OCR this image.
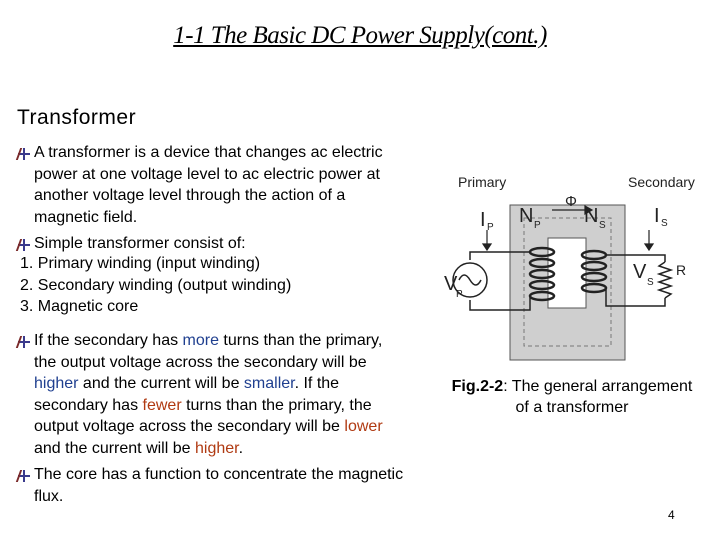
1-1 The Basic DC Power Supply(cont.)
Transformer
A transformer is a device that changes ac electric
power at one voltage level to ac electric power at
another voltage level through the action of a
magnetic field.
Simple transformer consist of:
1. Primary winding (input winding)
2. Secondary winding (output winding)
3. Magnetic core
If the secondary has more turns than the primary,
the output voltage across the secondary will be
higher and the current will be smaller. If the
secondary has fewer turns than the primary, the
output voltage across the secondary will be lower
and the current will be higher.
The core has a function to concentrate the magnetic
flux.
Primary	Secondary
Φ
I P
N P N S I S
V
P
V S
R
Fig.2-2: The general arrangement
of a transformer
4
